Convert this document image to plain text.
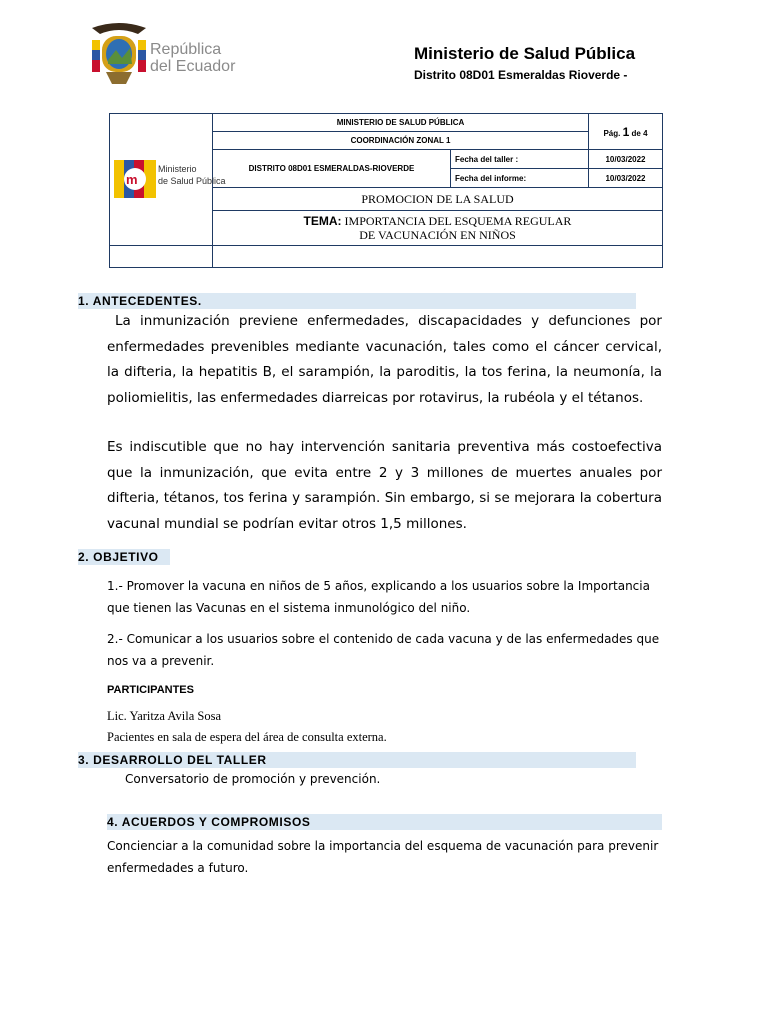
República
del Ecuador
Ministerio de Salud Pública
Distrito 08D01 Esmeraldas Rioverde -
m
Ministerio
de Salud Pública	MINISTERIO DE SALUD PÚBLICA		Pág. 1 de 4
	COORDINACIÓN ZONAL 1		
	DISTRITO 08D01 ESMERALDAS-RIOVERDE	Fecha del taller :	10/03/2022
		Fecha del informe:	10/03/2022
	PROMOCION DE LA SALUD		
	TEMA: IMPORTANCIA DEL ESQUEMA REGULAR
DE VACUNACIÓN EN NIÑOS		

1. ANTECEDENTES.
La inmunización previene enfermedades, discapacidades y defunciones por enfermedades prevenibles mediante vacunación, tales como el cáncer cervical, la difteria, la hepatitis B, el sarampión, la paroditis, la tos ferina, la neumonía, la poliomielitis, las enfermedades diarreicas por rotavirus, la rubéola y el tétanos.
Es indiscutible que no hay intervención sanitaria preventiva más costoefectiva que la inmunización, que evita entre 2 y 3 millones de muertes anuales por difteria, tétanos, tos ferina y sarampión. Sin embargo, si se mejorara la cobertura vacunal mundial se podrían evitar otros 1,5 millones.
2. OBJETIVO
1.- Promover la vacuna en niños de 5 años, explicando a los usuarios sobre la Importancia que tienen las Vacunas en el sistema inmunológico del niño.
2.- Comunicar a los usuarios sobre el contenido de cada vacuna y de las enfermedades que nos va a prevenir.
PARTICIPANTES
Lic. Yaritza Avila Sosa
Pacientes en sala de espera del área de consulta externa.
3. DESARROLLO DEL TALLER
Conversatorio de promoción y prevención.
4. ACUERDOS Y COMPROMISOS
Concienciar a la comunidad sobre la importancia del esquema de vacunación para prevenir enfermedades a futuro.
